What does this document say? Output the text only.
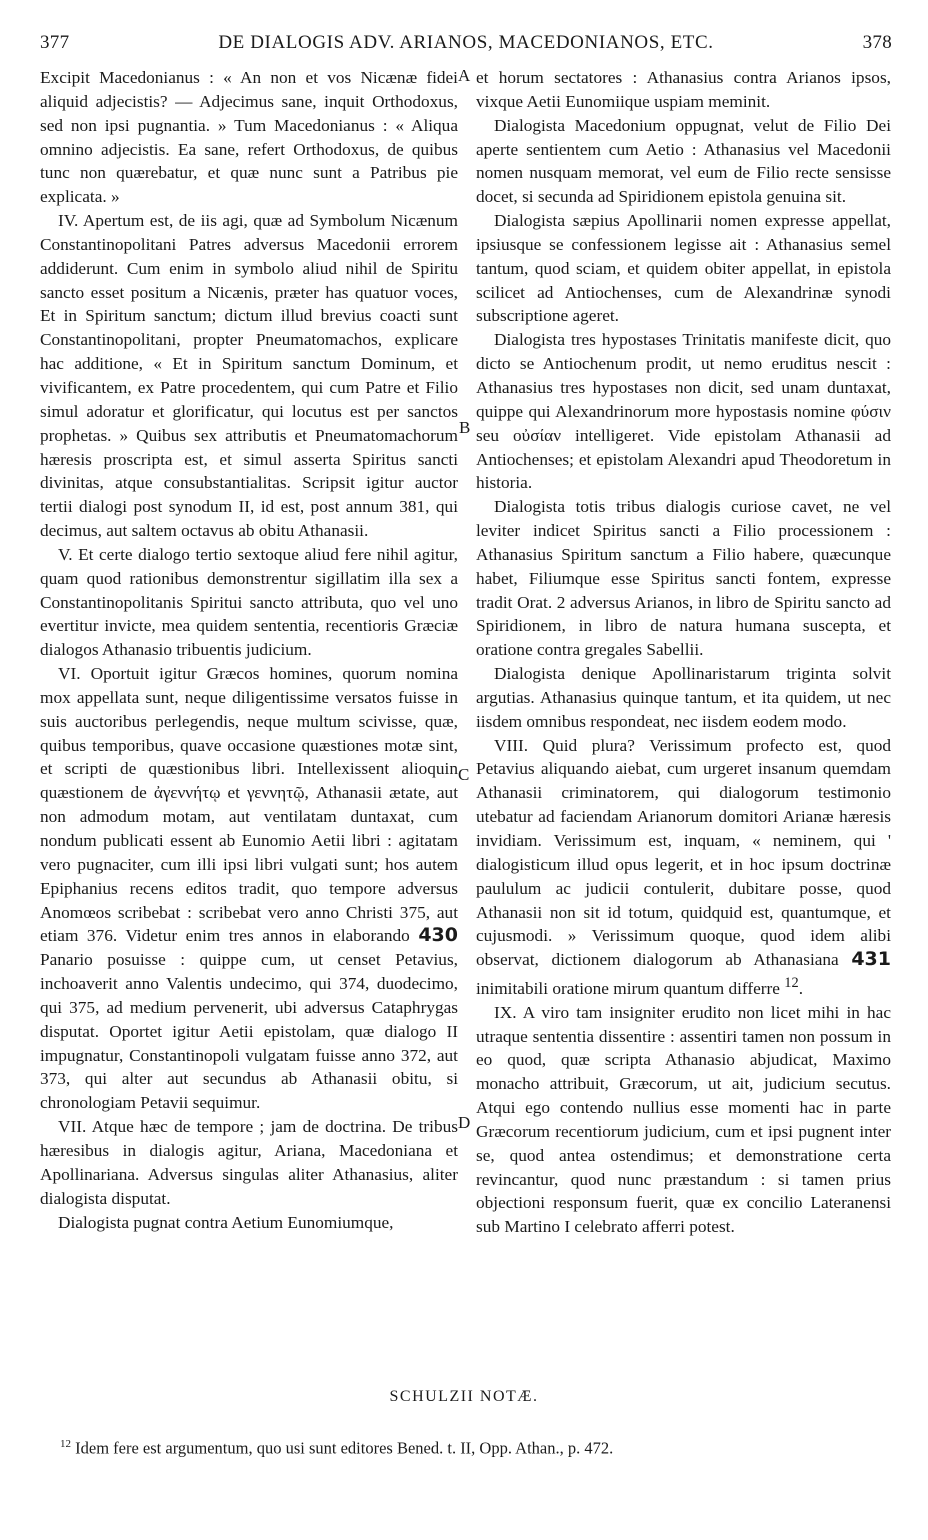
377	DE DIALOGIS ADV. ARIANOS, MACEDONIANOS, ETC.	378

Excipit Macedonianus : « An non et vos Nicænæ fidei aliquid adjecistis? — Adjecimus sane, inquit Orthodoxus, sed non ipsi pugnantia. » Tum Macedonianus : « Aliqua omnino adjecistis. Ea sane, refert Orthodoxus, de quibus tunc non quærebatur, et quæ nunc sunt a Patribus pie explicata. »

IV. Apertum est, de iis agi, quæ ad Symbolum Nicænum Constantinopolitani Patres adversus Macedonii errorem addiderunt. Cum enim in symbolo aliud nihil de Spiritu sancto esset positum a Nicænis, præter has quatuor voces, Et in Spiritum sanctum; dictum illud brevius coacti sunt Constantinopolitani, propter Pneumatomachos, explicare hac additione, « Et in Spiritum sanctum Dominum, et vivificantem, ex Patre procedentem, qui cum Patre et Filio simul adoratur et glorificatur, qui locutus est per sanctos prophetas. » Quibus sex attributis et Pneumatomachorum hæresis proscripta est, et simul asserta Spiritus sancti divinitas, atque consubstantialitas. Scripsit igitur auctor tertii dialogi post synodum II, id est, post annum 381, qui decimus, aut saltem octavus ab obitu Athanasii.

V. Et certe dialogo tertio sextoque aliud fere nihil agitur, quam quod rationibus demonstrentur sigillatim illa sex a Constantinopolitanis Spiritui sancto attributa, quo vel uno evertitur invicte, mea quidem sententia, recentioris Græciæ dialogos Athanasio tribuentis judicium.

VI. Oportuit igitur Græcos homines, quorum nomina mox appellata sunt, neque diligentissime versatos fuisse in suis auctoribus perlegendis, neque multum scivisse, quæ, quibus temporibus, quave occasione quæstiones motæ sint, et scripti de quæstionibus libri. Intellexissent alioquin quæstionem de ἀγεννήτῳ et γεννητῷ, Athanasii ætate, aut non admodum motam, aut ventilatam duntaxat, cum nondum publicati essent ab Eunomio Aetii libri : agitatam vero pugnaciter, cum illi ipsi libri vulgati sunt; hos autem Epiphanius recens editos tradit, quo tempore adversus Anomœos scribebat : scribebat vero anno Christi 375, aut etiam 376. Videtur enim tres annos in elaborando 430 Panario posuisse : quippe cum, ut censet Petavius, inchoaverit anno Valentis undecimo, qui 374, duodecimo, qui 375, ad medium pervenerit, ubi adversus Cataphrygas disputat. Oportet igitur Aetii epistolam, quæ dialogo II impugnatur, Constantinopoli vulgatam fuisse anno 372, aut 373, qui alter aut secundus ab Athanasii obitu, si chronologiam Petavii sequimur.

VII. Atque hæc de tempore ; jam de doctrina. De tribus hæresibus in dialogis agitur, Ariana, Macedoniana et Apollinariana. Adversus singulas aliter Athanasius, aliter dialogista disputat.

Dialogista pugnat contra Aetium Eunomiumque,

A
B
C
D

et horum sectatores : Athanasius contra Arianos ipsos, vixque Aetii Eunomiique uspiam meminit.

Dialogista Macedonium oppugnat, velut de Filio Dei aperte sentientem cum Aetio : Athanasius vel Macedonii nomen nusquam memorat, vel eum de Filio recte sensisse docet, si secunda ad Spiridionem epistola genuina sit.

Dialogista sæpius Apollinarii nomen expresse appellat, ipsiusque se confessionem legisse ait : Athanasius semel tantum, quod sciam, et quidem obiter appellat, in epistola scilicet ad Antiochenses, cum de Alexandrinæ synodi subscriptione ageret.

Dialogista tres hypostases Trinitatis manifeste dicit, quo dicto se Antiochenum prodit, ut nemo eruditus nescit : Athanasius tres hypostases non dicit, sed unam duntaxat, quippe qui Alexandrinorum more hypostasis nomine φύσιν seu οὐσίαν intelligeret. Vide epistolam Athanasii ad Antiochenses; et epistolam Alexandri apud Theodoretum in historia.

Dialogista totis tribus dialogis curiose cavet, ne vel leviter indicet Spiritus sancti a Filio processionem : Athanasius Spiritum sanctum a Filio habere, quæcunque habet, Filiumque esse Spiritus sancti fontem, expresse tradit Orat. 2 adversus Arianos, in libro de Spiritu sancto ad Spiridionem, in libro de natura humana suscepta, et oratione contra gregales Sabellii.

Dialogista denique Apollinaristarum triginta solvit argutias. Athanasius quinque tantum, et ita quidem, ut nec iisdem omnibus respondeat, nec iisdem eodem modo.

VIII. Quid plura? Verissimum profecto est, quod Petavius aliquando aiebat, cum urgeret insanum quemdam Athanasii criminatorem, qui dialogorum testimonio utebatur ad faciendam Arianorum domitori Arianæ hæresis invidiam. Verissimum est, inquam, « neminem, qui ' dialogisticum illud opus legerit, et in hoc ipsum doctrinæ paululum ac judicii contulerit, dubitare posse, quod Athanasii non sit id totum, quidquid est, quantumque, et cujusmodi. » Verissimum quoque, quod idem alibi observat, dictionem dialogorum ab Athanasiana 431 inimitabili oratione mirum quantum differre $^{12}$.

IX. A viro tam insigniter erudito non licet mihi in hac utraque sententia dissentire : assentiri tamen non possum in eo quod, quæ scripta Athanasio abjudicat, Maximo monacho attribuit, Græcorum, ut ait, judicium secutus. Atqui ego contendo nullius esse momenti hac in parte Græcorum recentiorum judicium, cum et ipsi pugnent inter se, quod antea ostendimus; et demonstratione certa revincantur, quod nunc præstandum : si tamen prius objectioni responsum fuerit, quæ ex concilio Lateranensi sub Martino I celebrato afferri potest.

SCHULZII NOTÆ.
$^{12}$ Idem fere est argumentum, quo usi sunt editores Bened. t. II, Opp. Athan., p. 472.
